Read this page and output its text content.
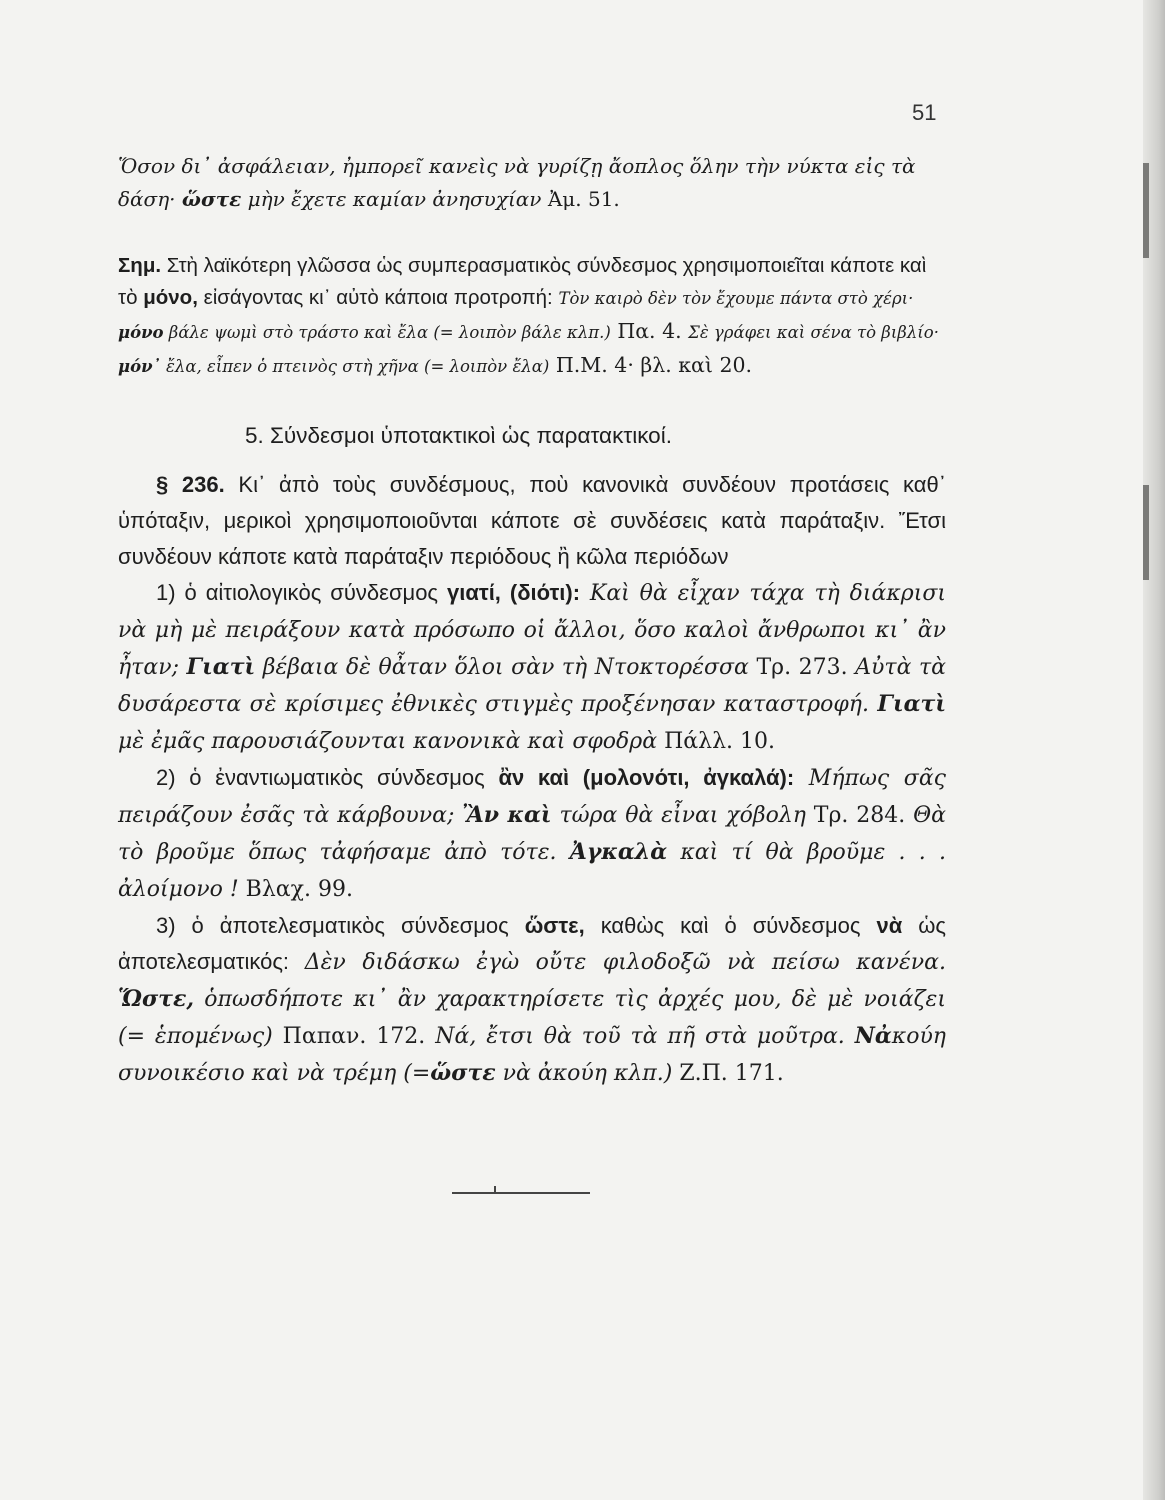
51

Ὅσον δι᾽ ἀσφάλειαν, ἠμπορεῖ κανεὶς νὰ γυρίζῃ ἄοπλος ὅλην τὴν νύκτα εἰς τὰ δάση· ὥστε μὴν ἔχετε καμίαν ἀνησυχίαν Ἀμ. 51.

Σημ. Στὴ λαϊκότερη γλῶσσα ὡς συμπερασματικὸς σύνδεσμος χρησιμοποιεῖται κάποτε καὶ τὸ μόνο, εἰσάγοντας κι᾽ αὐτὸ κάποια προτροπή: Τὸν καιρὸ δὲν τὸν ἔχουμε πάντα στὸ χέρι· μόνο βάλε ψωμὶ στὸ τράστο καὶ ἔλα (= λοιπὸν βάλε κλπ.) Πα. 4. Σὲ γράφει καὶ σένα τὸ βιβλίο· μόν᾽ ἔλα, εἶπεν ὁ πτεινὸς στὴ χῆνα (= λοιπὸν ἔλα) Π.Μ. 4· βλ. καὶ 20.

5. Σύνδεσμοι ὑποτακτικοὶ ὡς παρατακτικοί.

§ 236. Κι᾽ ἀπὸ τοὺς συνδέσμους, ποὺ κανονικὰ συνδέουν προτάσεις καθ᾽ ὑπόταξιν, μερικοὶ χρησιμοποιοῦνται κάποτε σὲ συνδέσεις κατὰ παράταξιν. Ἔτσι συνδέουν κάποτε κατὰ παράταξιν περιόδους ἢ κῶλα περιόδων

1) ὁ αἰτιολογικὸς σύνδεσμος γιατί, (διότι): Καὶ θὰ εἶχαν τάχα τὴ διάκρισι νὰ μὴ μὲ πειράξουν κατὰ πρόσωπο οἱ ἄλλοι, ὅσο καλοὶ ἄνθρωποι κι᾽ ἂν ἦταν; Γιατὶ βέβαια δὲ θἆταν ὅλοι σὰν τὴ Ντοκτορέσσα Τρ. 273. Αὐτὰ τὰ δυσάρεστα σὲ κρίσιμες ἐθνικὲς στιγμὲς προξένησαν καταστροφή. Γιατὶ μὲ ἐμᾶς παρουσιάζουνται κανονικὰ καὶ σφοδρὰ Πάλλ. 10.

2) ὁ ἐναντιωματικὸς σύνδεσμος ἂν καὶ (μολονότι, ἀγκαλά): Μήπως σᾶς πειράζουν ἐσᾶς τὰ κάρβουνα; Ἂν καὶ τώρα θὰ εἶναι χόβολη Τρ. 284. Θὰ τὸ βροῦμε ὅπως τἀφήσαμε ἀπὸ τότε. Ἀγκαλὰ καὶ τί θὰ βροῦμε . . . ἀλοίμονο ! Βλαχ. 99.

3) ὁ ἀποτελεσματικὸς σύνδεσμος ὥστε, καθὼς καὶ ὁ σύνδεσμος νὰ ὡς ἀποτελεσματικός: Δὲν διδάσκω ἐγὼ οὔτε φιλοδοξῶ νὰ πείσω κανένα. Ὥστε, ὁπωσδήποτε κι᾽ ἂν χαρακτηρίσετε τὶς ἀρχές μου, δὲ μὲ νοιάζει (= ἑπομένως) Παπαν. 172. Νά, ἔτσι θὰ τοῦ τὰ πῆ στὰ μοῦτρα. Νἀκούη συνοικέσιο καὶ νὰ τρέμη (=ὥστε νὰ ἀκούη κλπ.) Ζ.Π. 171.
